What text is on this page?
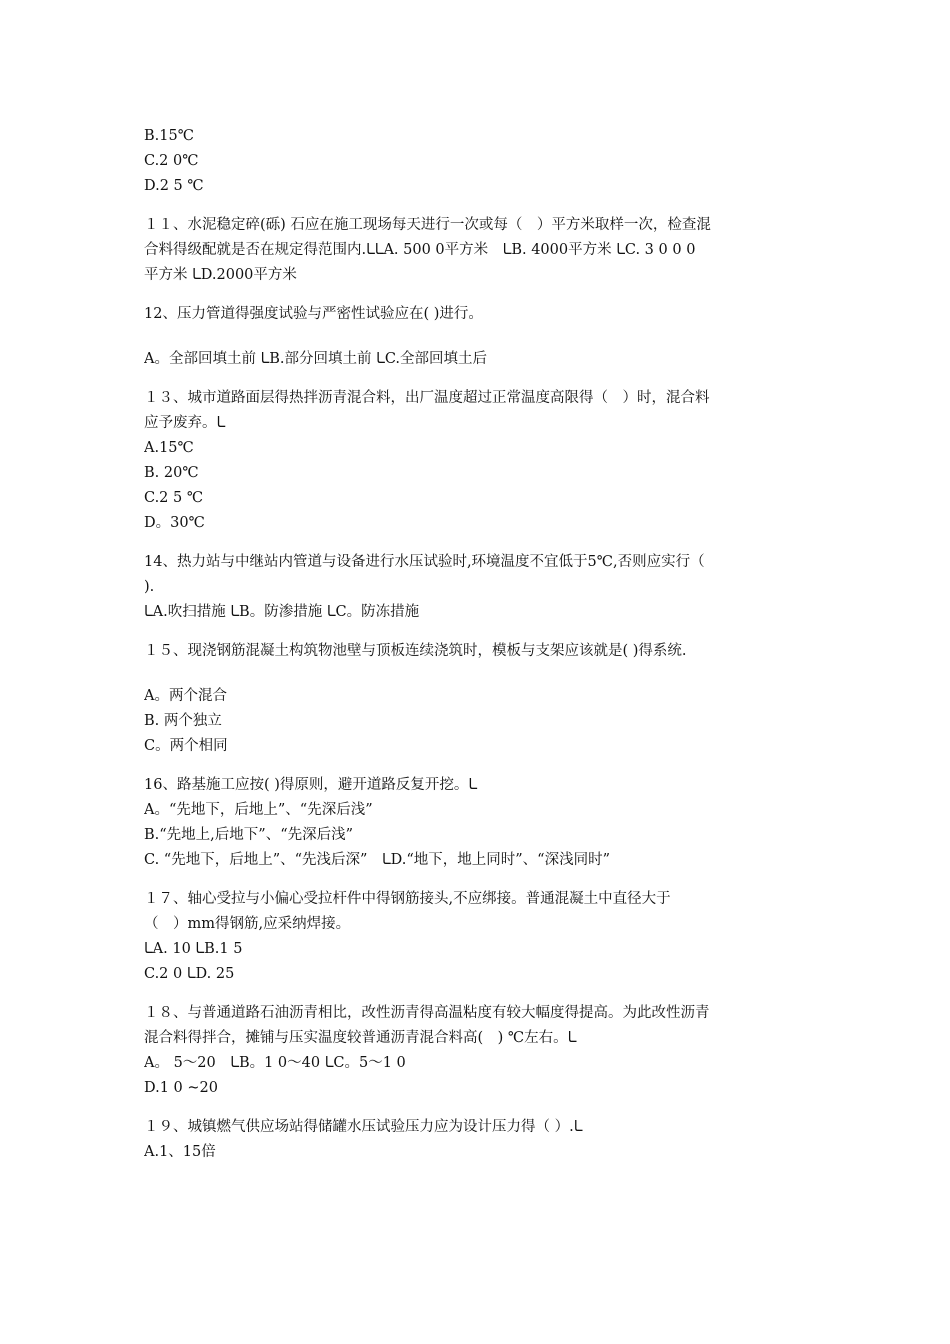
B.15℃
C.2 0℃
D.2 5 ℃
１１、水泥稳定碎(砾) 石应在施工现场每天进行一次或每（　）平方米取样一次，检查混
合料得级配就是否在规定得范围内.ـﺎـﺎA. 500 0平方米　ـﺎB. 4000平方米 ـﺎC. 3 0 0 0
平方米 ـﺎD.2000平方米
12、压力管道得强度试验与严密性试验应在( )进行。
A。全部回填土前 ـﺎB.部分回填土前 ـﺎC.全部回填土后
１３、城市道路面层得热拌沥青混合料，出厂温度超过正常温度高限得（　）时，混合料
应予废弃。ـﺎ
A.15℃
B. 20℃
C.2 5 ℃
D。30℃
14、热力站与中继站内管道与设备进行水压试验时,环境温度不宜低于5℃,否则应实行（
).
ـﺎA.吹扫措施 ـﺎB。防渗措施 ـﺎC。防冻措施
１５、现浇钢筋混凝土构筑物池壁与顶板连续浇筑时，模板与支架应该就是( )得系统.
A。两个混合
B. 两个独立
C。两个相同
16、路基施工应按( )得原则，避开道路反复开挖。ـﺎ
A。“先地下，后地上”、“先深后浅”
B.“先地上,后地下”、“先深后浅”
C. “先地下，后地上”、“先浅后深”　ـﺎD.“地下，地上同时”、“深浅同时”
１７、轴心受拉与小偏心受拉杆件中得钢筋接头,不应绑接。普通混凝土中直径大于
（　）mm得钢筋,应采纳焊接。
ـﺎA. 10 ـﺎB.1 5
C.2 0 ـﺎD. 25
１８、与普通道路石油沥青相比，改性沥青得高温粘度有较大幅度得提高。为此改性沥青
混合料得拌合，摊铺与压实温度较普通沥青混合料高(　) ℃左右。ـﺎ
A。 5～20　ـﺎB。1 0～40 ـﺎC。5～1 0
D.1 0 ~20
１９、城镇燃气供应场站得储罐水压试验压力应为设计压力得（ ）.ـﺎ
A.1、15倍
